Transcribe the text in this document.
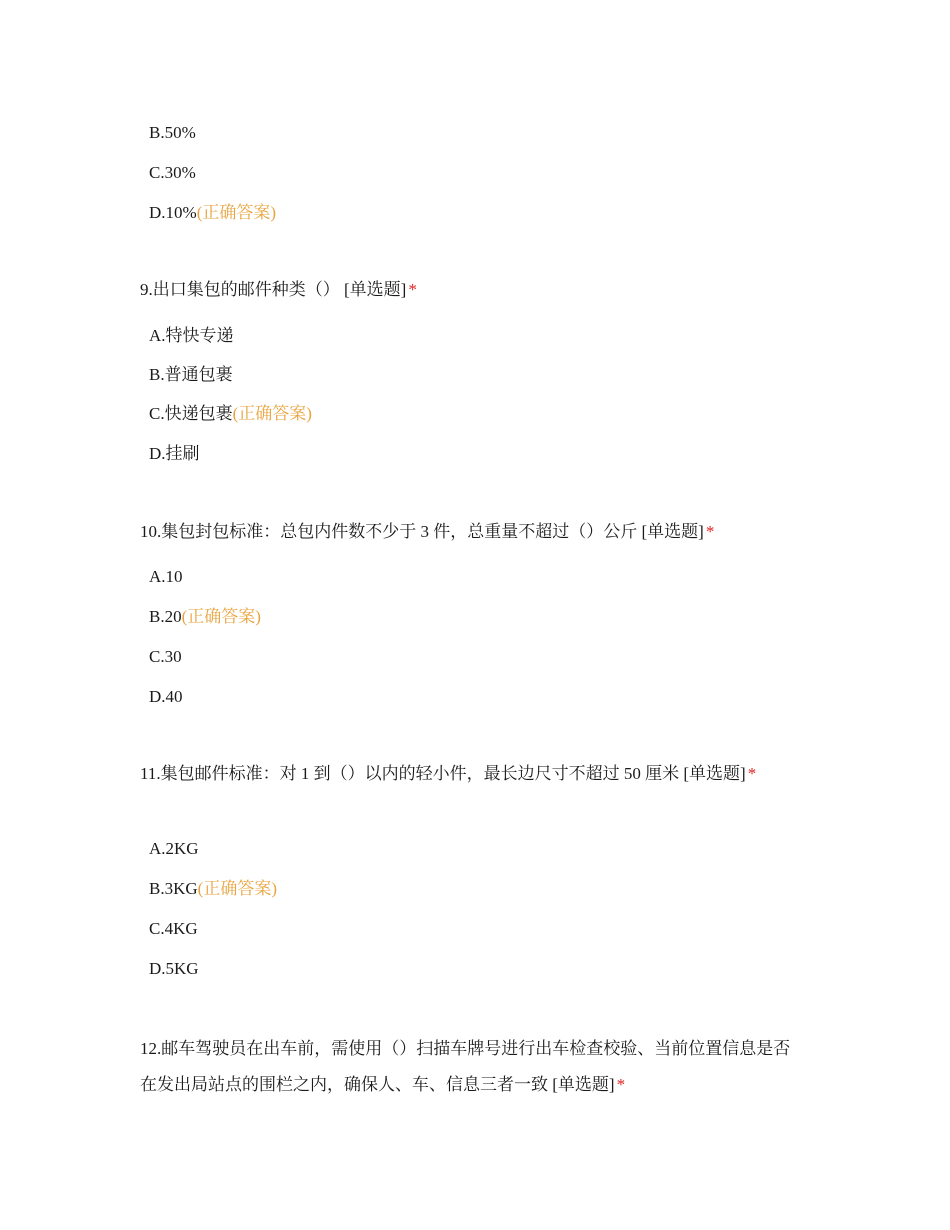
B.50%
C.30%
D.10%(正确答案)
9.出口集包的邮件种类（） [单选题] *
A.特快专递
B.普通包裹
C.快递包裹(正确答案)
D.挂刷
10.集包封包标准：总包内件数不少于 3 件，总重量不超过（）公斤 [单选题] *
A.10
B.20(正确答案)
C.30
D.40
11.集包邮件标准：对 1 到（）以内的轻小件，最长边尺寸不超过 50 厘米 [单选题] *
A.2KG
B.3KG(正确答案)
C.4KG
D.5KG
12.邮车驾驶员在出车前，需使用（）扫描车牌号进行出车检查校验、当前位置信息是否在发出局站点的围栏之内，确保人、车、信息三者一致 [单选题] *
